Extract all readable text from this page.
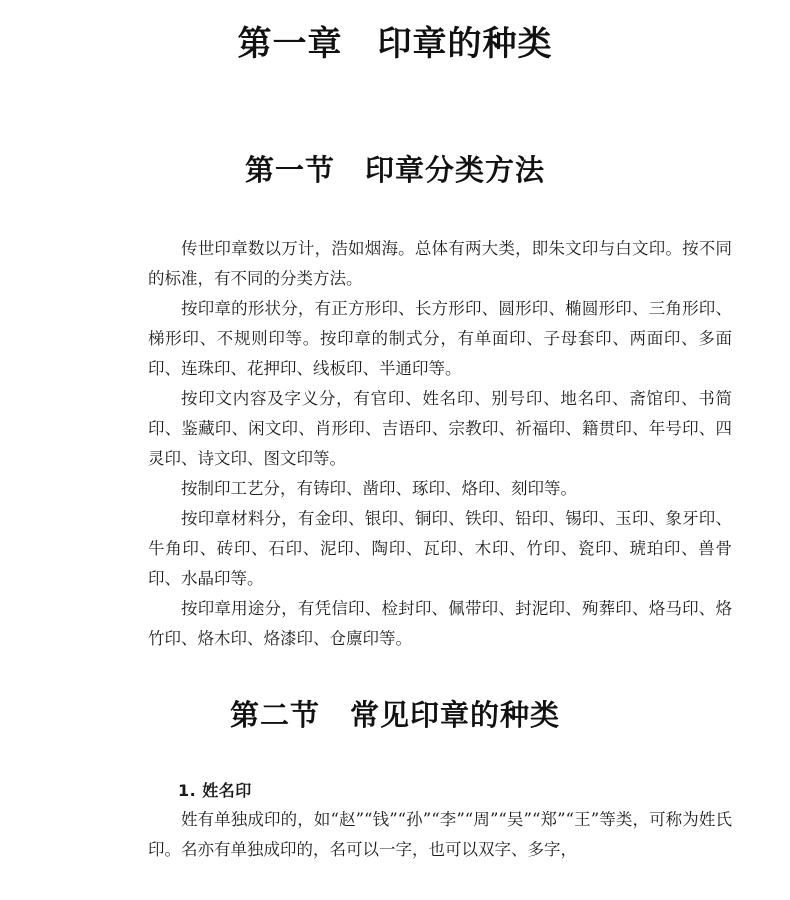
第一章　印章的种类
第一节　印章分类方法

传世印章数以万计，浩如烟海。总体有两大类，即朱文印与白文印。按不同的标准，有不同的分类方法。

按印章的形状分，有正方形印、长方形印、圆形印、椭圆形印、三角形印、梯形印、不规则印等。按印章的制式分，有单面印、子母套印、两面印、多面印、连珠印、花押印、线板印、半通印等。

按印文内容及字义分，有官印、姓名印、别号印、地名印、斋馆印、书简印、鉴藏印、闲文印、肖形印、吉语印、宗教印、祈福印、籍贯印、年号印、四灵印、诗文印、图文印等。

按制印工艺分，有铸印、凿印、琢印、烙印、刻印等。

按印章材料分，有金印、银印、铜印、铁印、铅印、锡印、玉印、象牙印、牛角印、砖印、石印、泥印、陶印、瓦印、木印、竹印、瓷印、琥珀印、兽骨印、水晶印等。

按印章用途分，有凭信印、检封印、佩带印、封泥印、殉葬印、烙马印、烙竹印、烙木印、烙漆印、仓廪印等。

第二节　常见印章的种类
1. 姓名印

姓有单独成印的，如“赵”“钱”“孙”“李”“周”“吴”“郑”“王”等类，可称为姓氏印。名亦有单独成印的，名可以一字，也可以双字、多字，
